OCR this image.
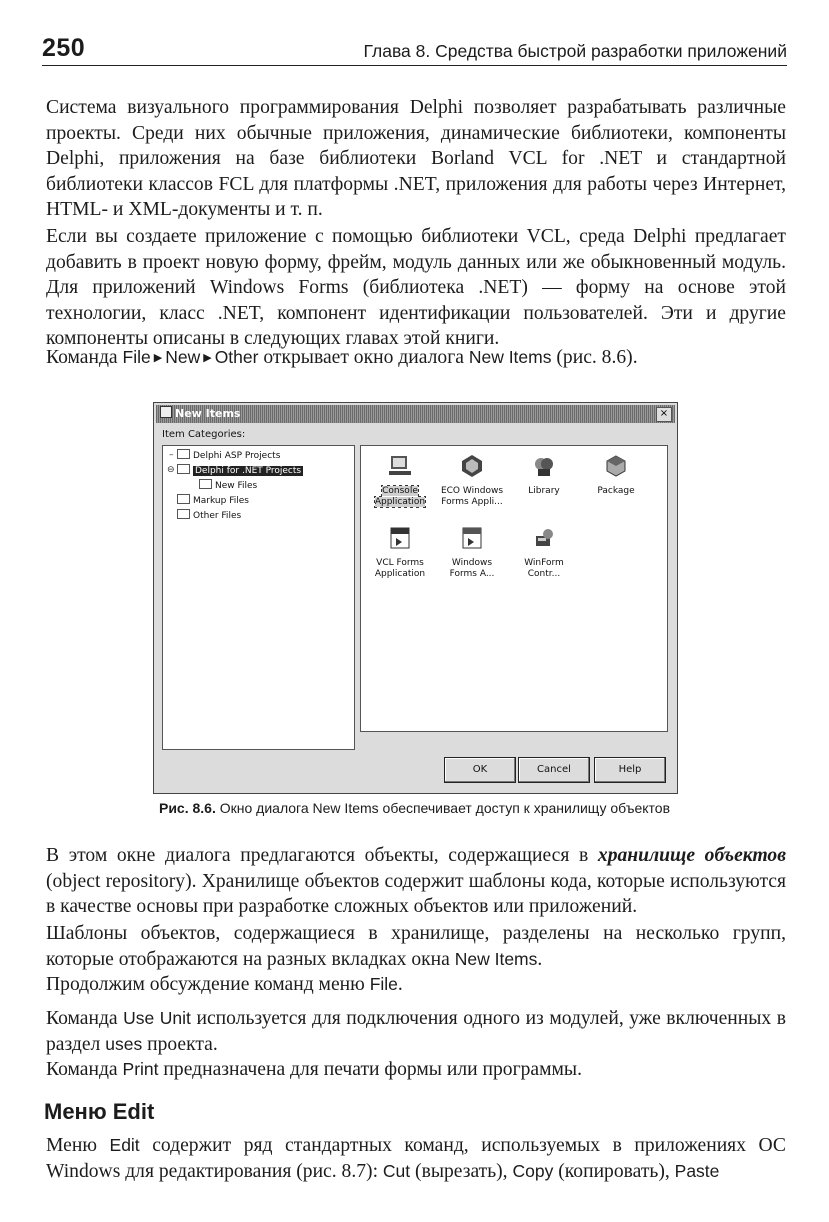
250	Глава 8. Средства быстрой разработки приложений

Система визуального программирования Delphi позволяет разрабатывать различные проекты. Среди них обычные приложения, динамические библиотеки, компоненты Delphi, приложения на базе библиотеки Borland VCL for .NET и стандартной библиотеки классов FCL для платформы .NET, приложения для работы через Интернет, HTML- и XML-документы и т. п.

Если вы создаете приложение с помощью библиотеки VCL, среда Delphi предлагает добавить в проект новую форму, фрейм, модуль данных или же обыкновенный модуль. Для приложений Windows Forms (библиотека .NET) — форму на основе этой технологии, класс .NET, компонент идентификации пользователей. Эти и другие компоненты описаны в следующих главах этой книги.

Команда File ▶ New ▶ Other открывает окно диалога New Items (рис. 8.6).

New Items	×
Item Categories:
–	Delphi ASP Projects
⊖	Delphi for .NET Projects
New Files
Markup Files
Other Files
Console Application
ECO Windows Forms Appli...
Library	Package
VCL Forms Application
Windows Forms A...
WinForm Contr...
OK	Cancel	Help
Рис. 8.6. Окно диалога New Items обеспечивает доступ к хранилищу объектов

В этом окне диалога предлагаются объекты, содержащиеся в хранилище объектов (object repository). Хранилище объектов содержит шаблоны кода, которые используются в качестве основы при разработке сложных объектов или приложений.

Шаблоны объектов, содержащиеся в хранилище, разделены на несколько групп, которые отображаются на разных вкладках окна New Items.

Продолжим обсуждение команд меню File.

Команда Use Unit используется для подключения одного из модулей, уже включенных в раздел uses проекта.

Команда Print предназначена для печати формы или программы.

Меню Edit

Меню Edit содержит ряд стандартных команд, используемых в приложениях ОС Windows для редактирования (рис. 8.7): Cut (вырезать), Copy (копировать), Paste
